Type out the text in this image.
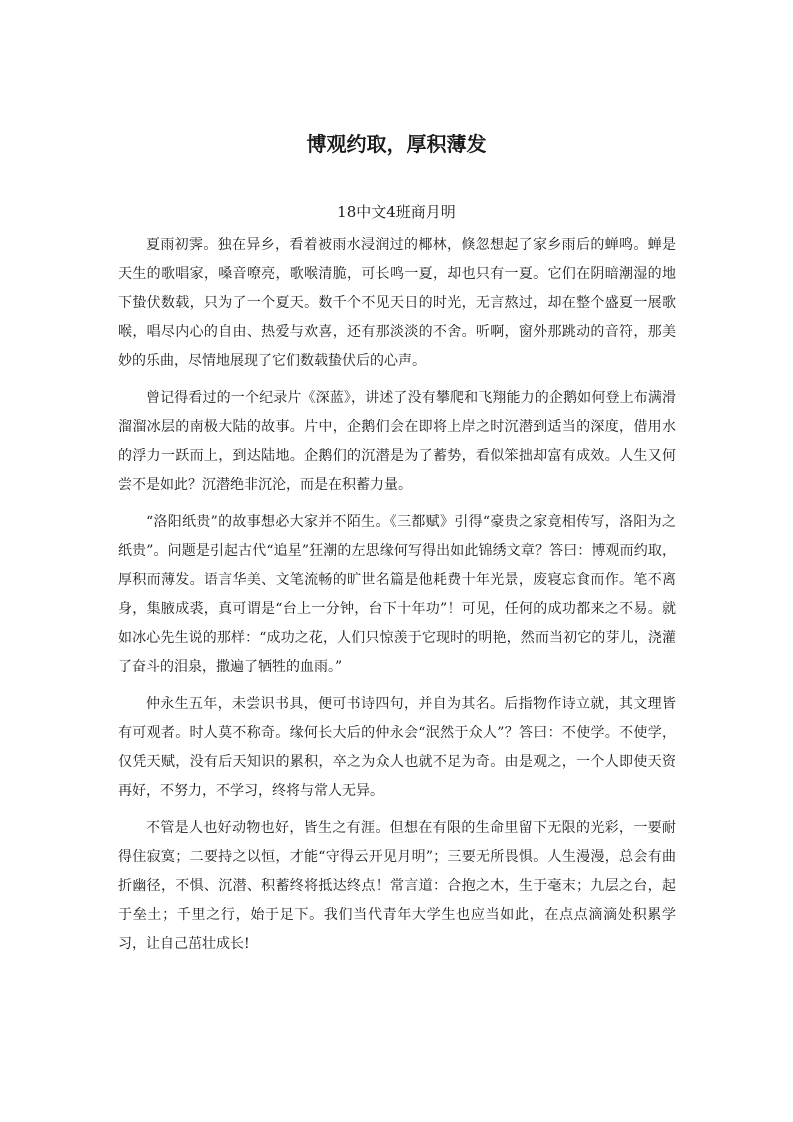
博观约取，厚积薄发

18中文4班商月明

夏雨初霁。独在异乡，看着被雨水浸润过的椰林，倏忽想起了家乡雨后的蝉鸣。蝉是天生的歌唱家，嗓音嘹亮，歌喉清脆，可长鸣一夏，却也只有一夏。它们在阴暗潮湿的地下蛰伏数载，只为了一个夏天。数千个不见天日的时光，无言熬过，却在整个盛夏一展歌喉，唱尽内心的自由、热爱与欢喜，还有那淡淡的不舍。听啊，窗外那跳动的音符，那美妙的乐曲，尽情地展现了它们数载蛰伏后的心声。

曾记得看过的一个纪录片《深蓝》，讲述了没有攀爬和飞翔能力的企鹅如何登上布满滑溜溜冰层的南极大陆的故事。片中，企鹅们会在即将上岸之时沉潜到适当的深度，借用水的浮力一跃而上，到达陆地。企鹅们的沉潜是为了蓄势，看似笨拙却富有成效。人生又何尝不是如此？沉潜绝非沉沦，而是在积蓄力量。

“洛阳纸贵”的故事想必大家并不陌生。《三都赋》引得“豪贵之家竟相传写，洛阳为之纸贵”。问题是引起古代“追星”狂潮的左思缘何写得出如此锦绣文章？答曰：博观而约取，厚积而薄发。语言华美、文笔流畅的旷世名篇是他耗费十年光景，废寝忘食而作。笔不离身，集腋成裘，真可谓是“台上一分钟，台下十年功”！可见，任何的成功都来之不易。就如冰心先生说的那样：“成功之花，人们只惊羡于它现时的明艳，然而当初它的芽儿，浇灌了奋斗的泪泉，撒遍了牺牲的血雨。”

仲永生五年，未尝识书具，便可书诗四句，并自为其名。后指物作诗立就，其文理皆有可观者。时人莫不称奇。缘何长大后的仲永会“泯然于众人”？答曰：不使学。不使学，仅凭天赋，没有后天知识的累积，卒之为众人也就不足为奇。由是观之，一个人即使天资再好，不努力，不学习，终将与常人无异。

不管是人也好动物也好，皆生之有涯。但想在有限的生命里留下无限的光彩，一要耐得住寂寞；二要持之以恒，才能“守得云开见月明”；三要无所畏惧。人生漫漫，总会有曲折幽径，不惧、沉潜、积蓄终将抵达终点！常言道：合抱之木，生于毫末；九层之台，起于垒土；千里之行，始于足下。我们当代青年大学生也应当如此，在点点滴滴处积累学习，让自己茁壮成长!
